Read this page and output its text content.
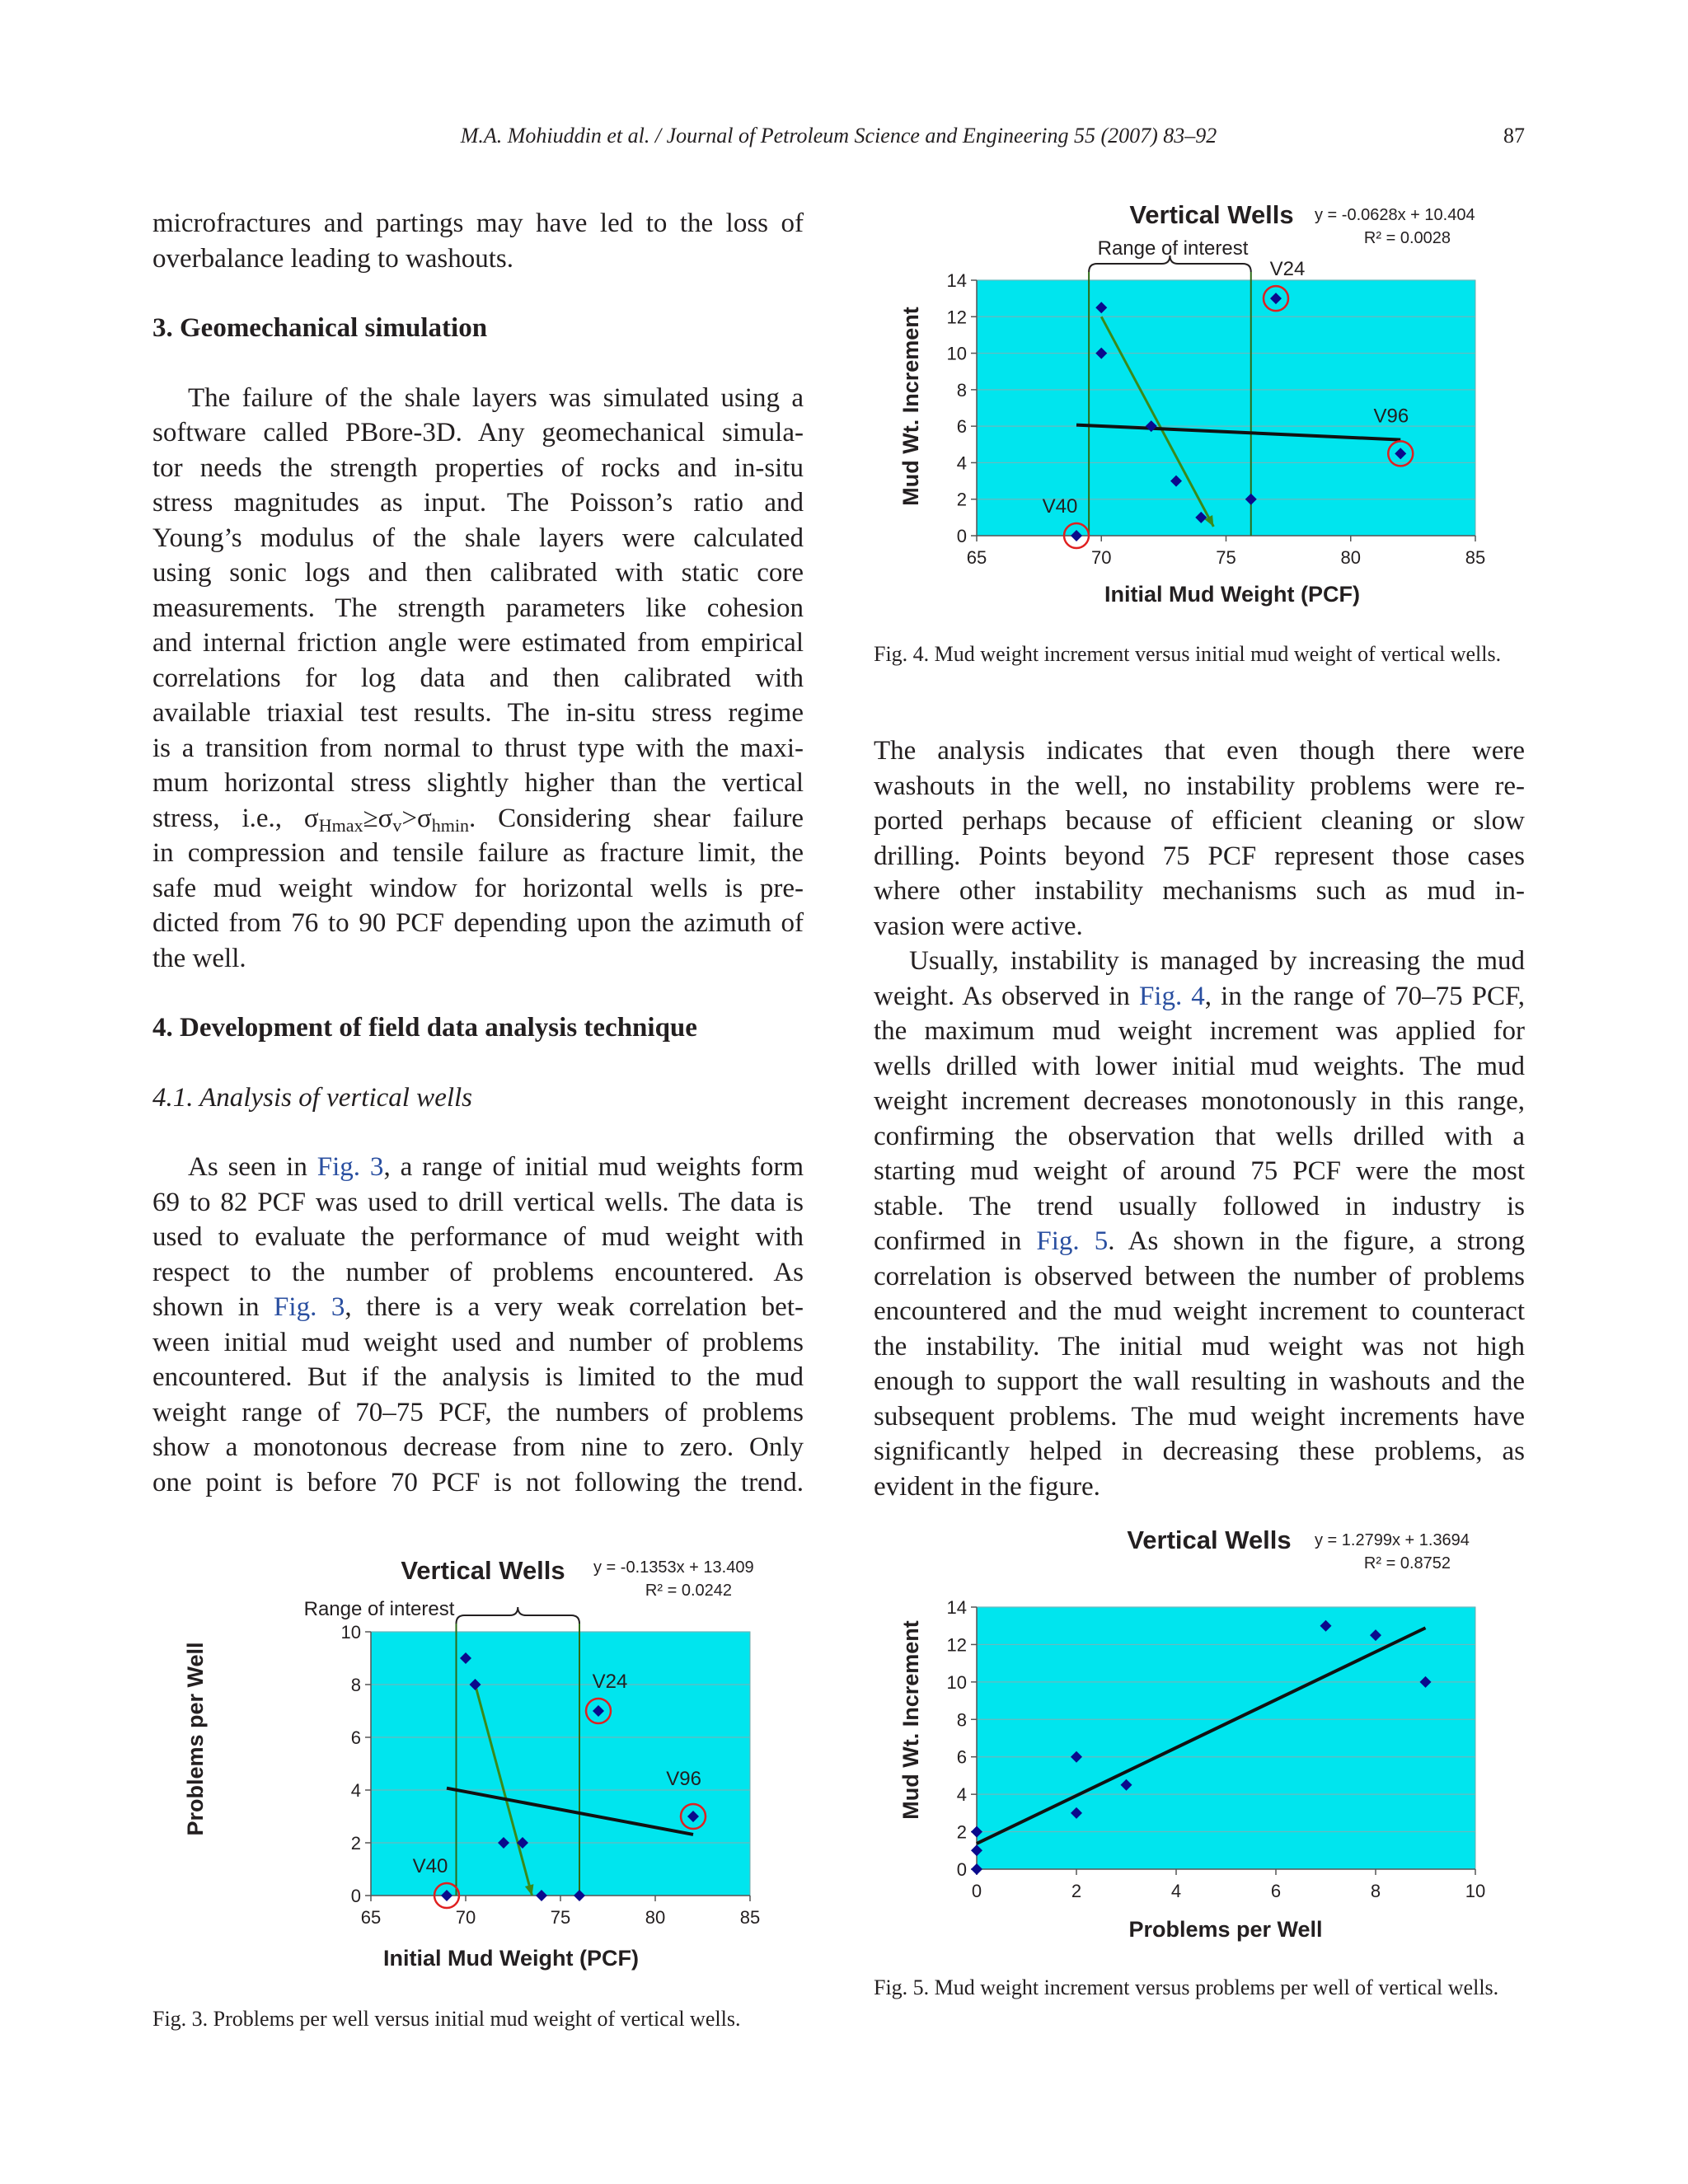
M.A. Mohiuddin et al. / Journal of Petroleum Science and Engineering 55 (2007) 83–92	87
microfractures and partings may have led to the loss of
overbalance leading to washouts.
3. Geomechanical simulation
The failure of the shale layers was simulated using a
software called PBore-3D. Any geomechanical simula-
tor needs the strength properties of rocks and in-situ
stress magnitudes as input. The Poisson’s ratio and
Young’s modulus of the shale layers were calculated
using sonic logs and then calibrated with static core
measurements. The strength parameters like cohesion
and internal friction angle were estimated from empirical
correlations for log data and then calibrated with
available triaxial test results. The in-situ stress regime
is a transition from normal to thrust type with the maxi-
mum horizontal stress slightly higher than the vertical
stress, i.e., $\sigma_{Hmax}\ge\sigma_v>\sigma_{hmin}$. Considering shear failure
in compression and tensile failure as fracture limit, the
safe mud weight window for horizontal wells is pre-
dicted from 76 to 90 PCF depending upon the azimuth of
the well.
4. Development of field data analysis technique
4.1. Analysis of vertical wells
As seen in Fig. 3, a range of initial mud weights form
69 to 82 PCF was used to drill vertical wells. The data is
used to evaluate the performance of mud weight with
respect to the number of problems encountered. As
shown in Fig. 3, there is a very weak correlation bet-
ween initial mud weight used and number of problems
encountered. But if the analysis is limited to the mud
weight range of 70–75 PCF, the numbers of problems
show a monotonous decrease from nine to zero. Only
one point is before 70 PCF is not following the trend.
Vertical Wells y = -0.1353x + 13.409
R² = 0.0242
Range of interest
Initial Mud Weight (PCF)
Problems per Well
0
2
4
6
8
10
65	70	75	80	85
V40
V24
V96
Fig. 3. Problems per well versus initial mud weight of vertical wells.
Vertical Wells y = -0.0628x + 10.404
R² = 0.0028
Range of interest
Initial Mud Weight (PCF)
Mud Wt. Increment
0
2
4
6
8
10
12
14
65	70	75	80	85
V40
V24
V96
Fig. 4. Mud weight increment versus initial mud weight of vertical wells.
The analysis indicates that even though there were
washouts in the well, no instability problems were re-
ported perhaps because of efficient cleaning or slow
drilling. Points beyond 75 PCF represent those cases
where other instability mechanisms such as mud in-
vasion were active.
Usually, instability is managed by increasing the mud
weight. As observed in Fig. 4, in the range of 70–75 PCF,
the maximum mud weight increment was applied for
wells drilled with lower initial mud weights. The mud
weight increment decreases monotonously in this range,
confirming the observation that wells drilled with a
starting mud weight of around 75 PCF were the most
stable. The trend usually followed in industry is
confirmed in Fig. 5. As shown in the figure, a strong
correlation is observed between the number of problems
encountered and the mud weight increment to counteract
the instability. The initial mud weight was not high
enough to support the wall resulting in washouts and the
subsequent problems. The mud weight increments have
significantly helped in decreasing these problems, as
evident in the figure.
Vertical Wells y = 1.2799x + 1.3694
R² = 0.8752
Problems per Well
Mud Wt. Increment
0
2
4
6
8
10
12
14
0	2	4	6	8	10
Fig. 5. Mud weight increment versus problems per well of vertical wells.
